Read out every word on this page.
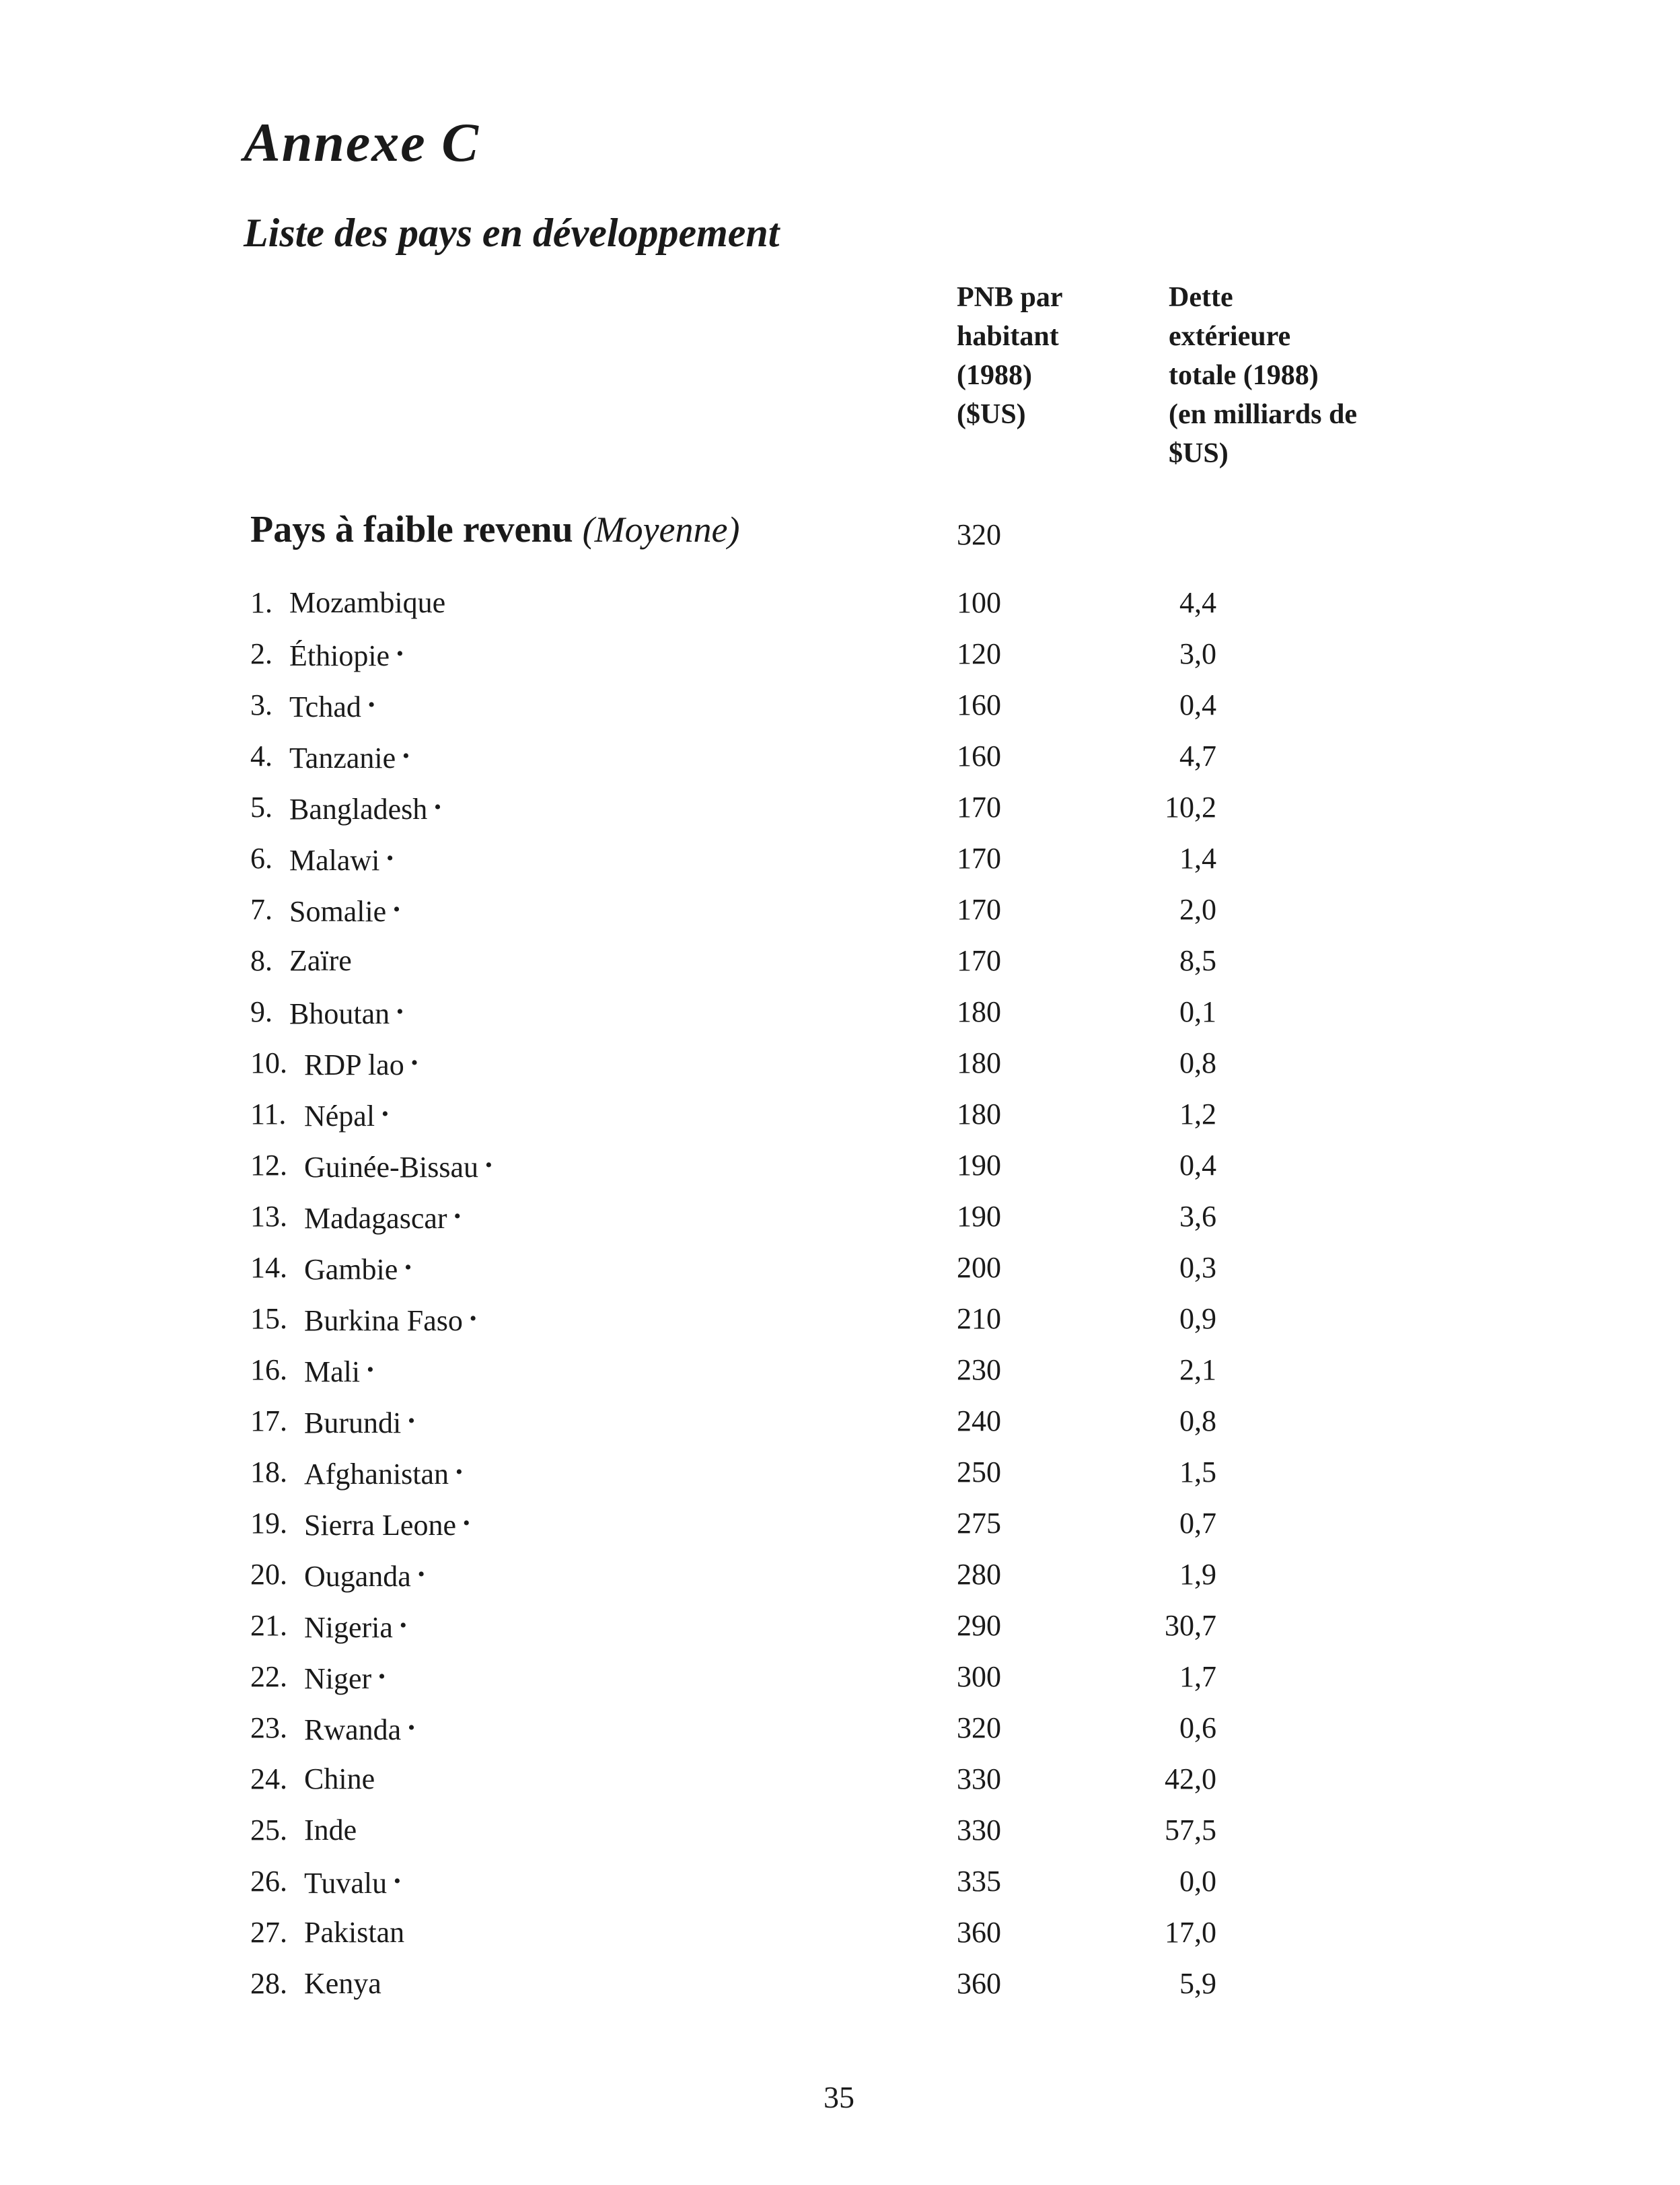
Annexe C
Liste des pays en développement
PNB par
habitant
(1988)
($US)
Dette
extérieure
totale (1988)
(en milliards de
$US)
Pays à faible revenu (Moyenne)	320
1. Mozambique	100	4,4
2. Éthiopie •	120	3,0
3. Tchad •	160	0,4
4. Tanzanie •	160	4,7
5. Bangladesh •	170	10,2
6. Malawi •	170	1,4
7. Somalie •	170	2,0
8. Zaïre	170	8,5
9. Bhoutan •	180	0,1
10. RDP lao •	180	0,8
11. Népal •	180	1,2
12. Guinée-Bissau •	190	0,4
13. Madagascar •	190	3,6
14. Gambie •	200	0,3
15. Burkina Faso •	210	0,9
16. Mali •	230	2,1
17. Burundi •	240	0,8
18. Afghanistan •	250	1,5
19. Sierra Leone •	275	0,7
20. Ouganda •	280	1,9
21. Nigeria •	290	30,7
22. Niger •	300	1,7
23. Rwanda •	320	0,6
24. Chine	330	42,0
25. Inde	330	57,5
26. Tuvalu •	335	0,0
27. Pakistan	360	17,0
28. Kenya	360	5,9
35
